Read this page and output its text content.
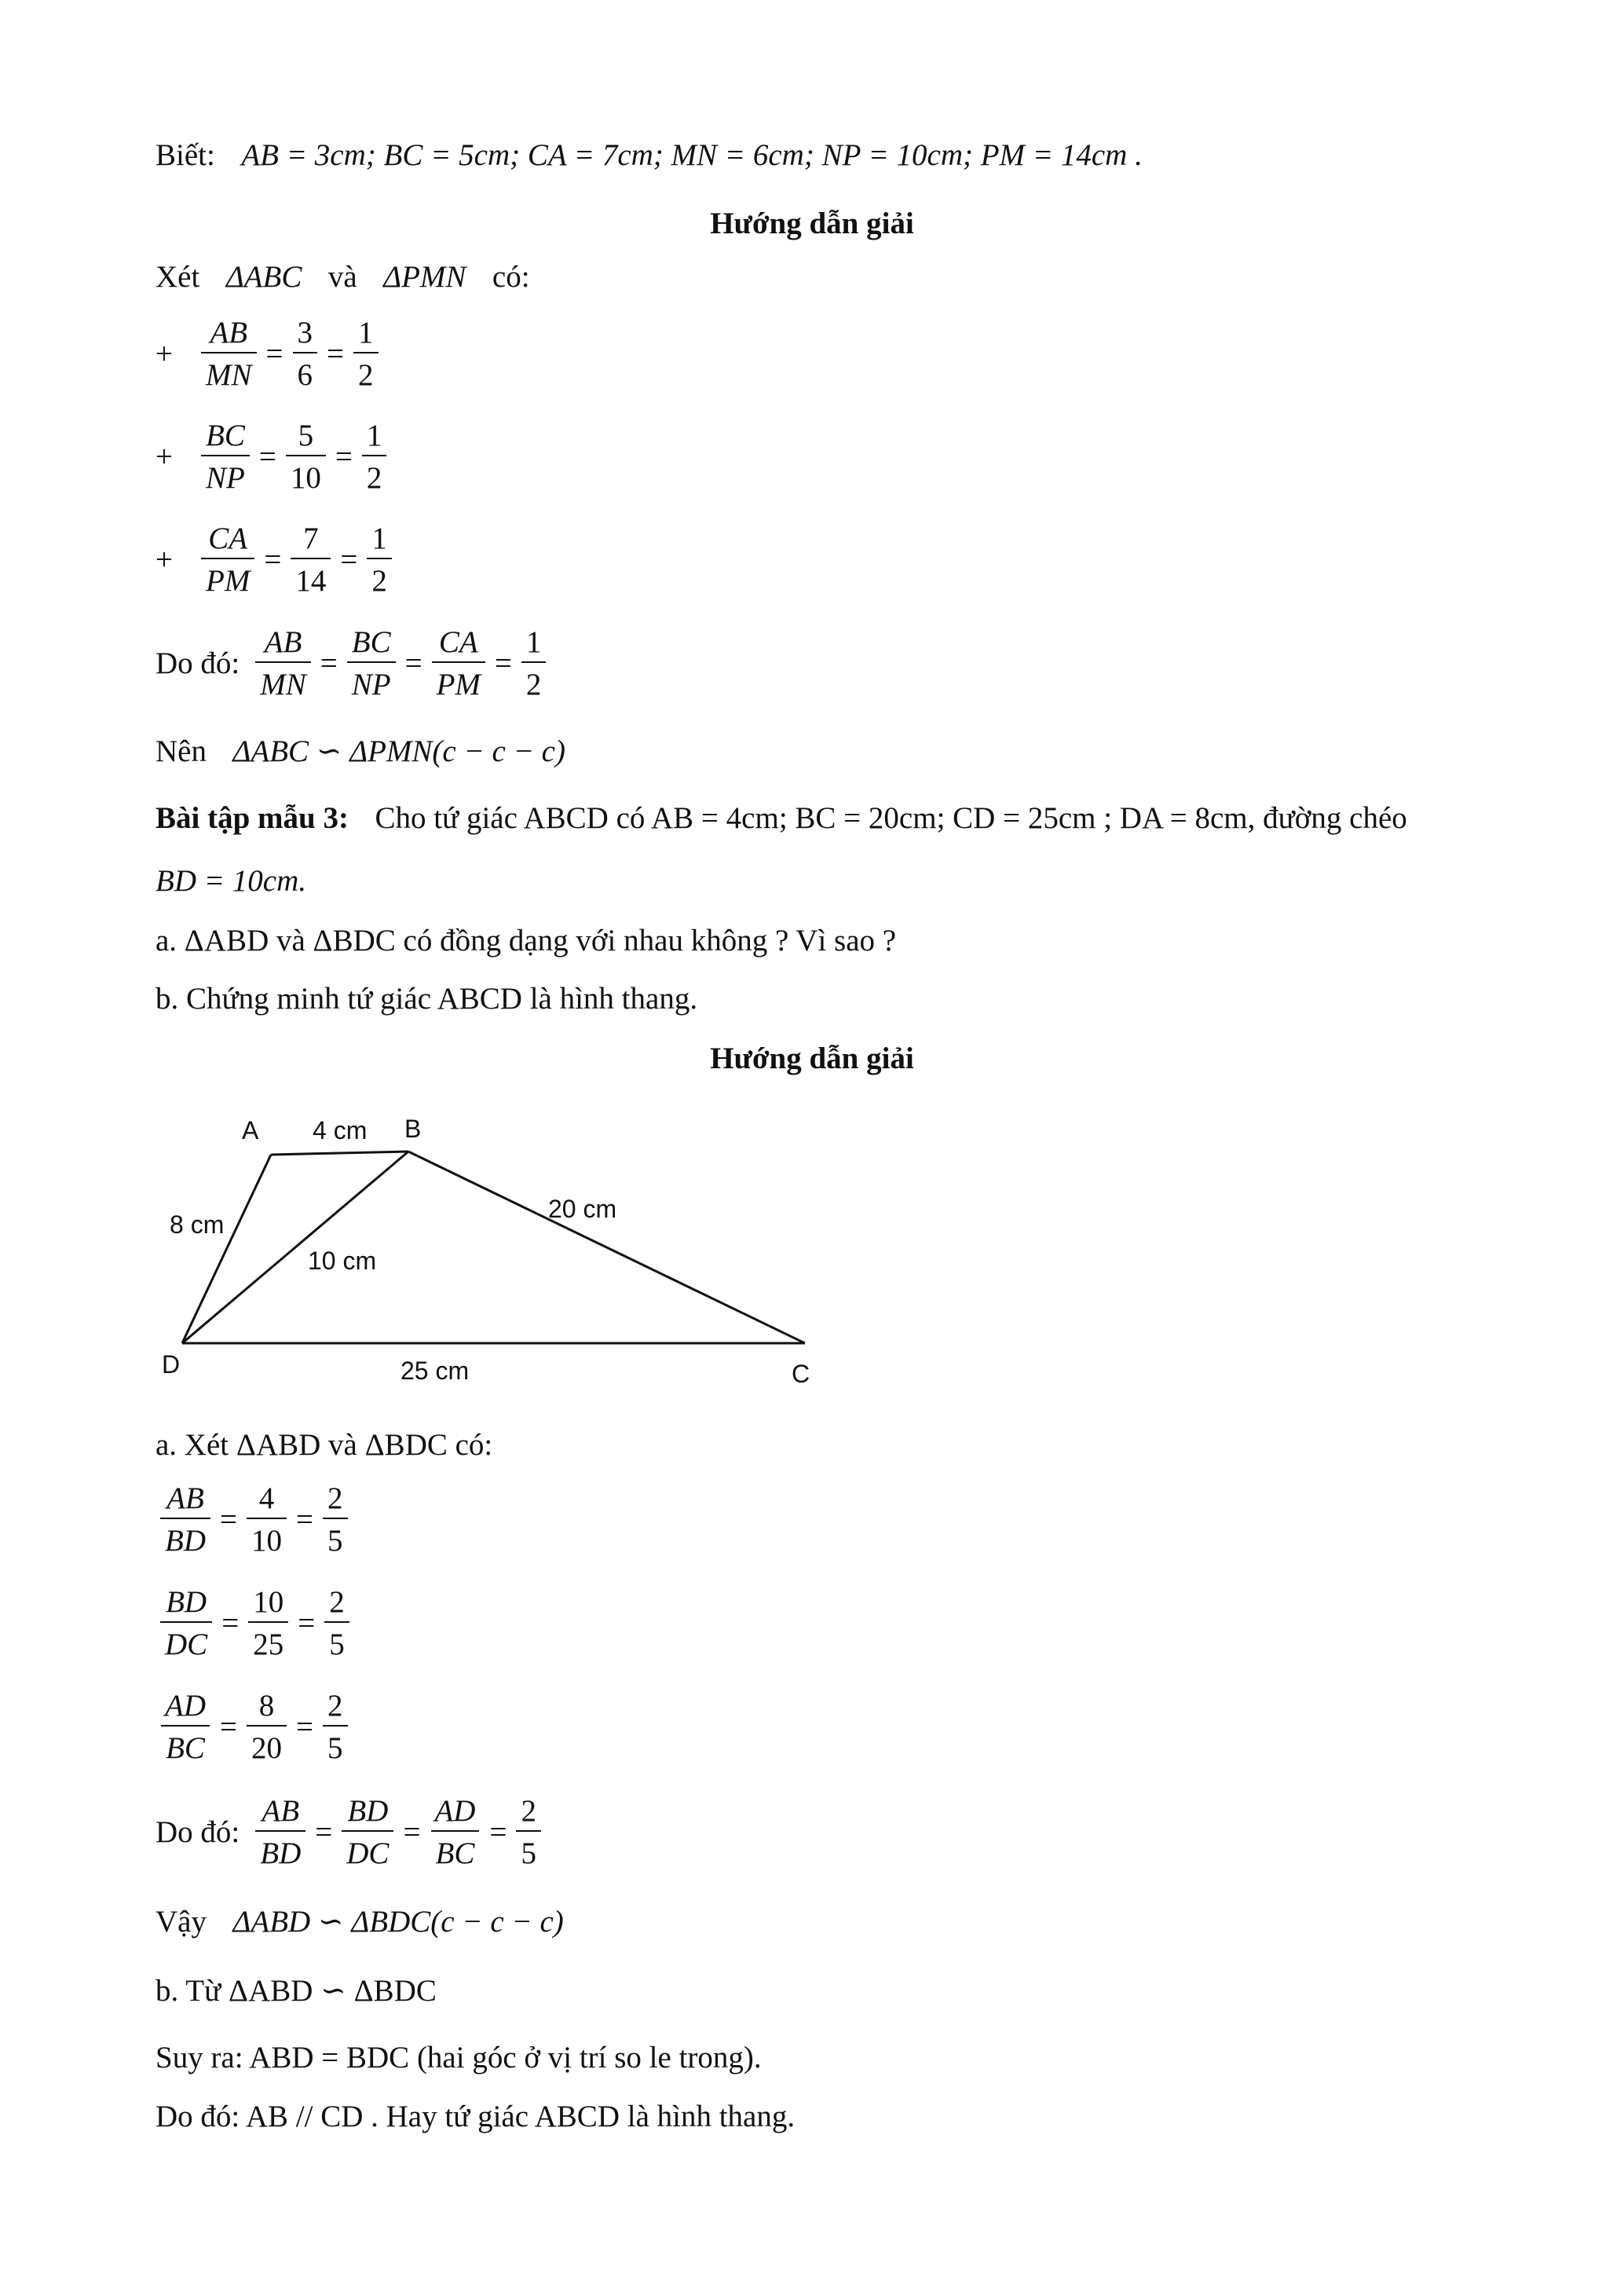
Biết: AB = 3cm; BC = 5cm; CA = 7cm; MN = 6cm; NP = 10cm; PM = 14cm .
Hướng dẫn giải
Xét ΔABC và ΔPMN có:
+ $\frac{AB}{MN} = \frac{3}{6} = \frac{1}{2}$
+ $\frac{BC}{NP} = \frac{5}{10} = \frac{1}{2}$
+ $\frac{CA}{PM} = \frac{7}{14} = \frac{1}{2}$
Do đó: $\frac{AB}{MN} = \frac{BC}{NP} = \frac{CA}{PM} = \frac{1}{2}$
Nên ΔABC ∽ ΔPMN(c − c − c)
Bài tập mẫu 3: Cho tứ giác ABCD có AB = 4cm; BC = 20cm; CD = 25cm ; DA = 8cm, đường chéo
BD = 10cm.
a. ΔABD và ΔBDC có đồng dạng với nhau không ? Vì sao ?
b. Chứng minh tứ giác ABCD là hình thang.
Hướng dẫn giải
A	B
C
D
4 cm
8 cm
10 cm
20 cm
25 cm
a. Xét ΔABD và ΔBDC có:
$\frac{AB}{BD} = \frac{4}{10} = \frac{2}{5}$
$\frac{BD}{DC} = \frac{10}{25} = \frac{2}{5}$
$\frac{AD}{BC} = \frac{8}{20} = \frac{2}{5}$
Do đó: $\frac{AB}{BD} = \frac{BD}{DC} = \frac{AD}{BC} = \frac{2}{5}$
Vậy ΔABD ∽ ΔBDC(c − c − c)
b. Từ ΔABD ∽ ΔBDC
Suy ra: ABD = BDC (hai góc ở vị trí so le trong).
Do đó: AB // CD . Hay tứ giác ABCD là hình thang.
